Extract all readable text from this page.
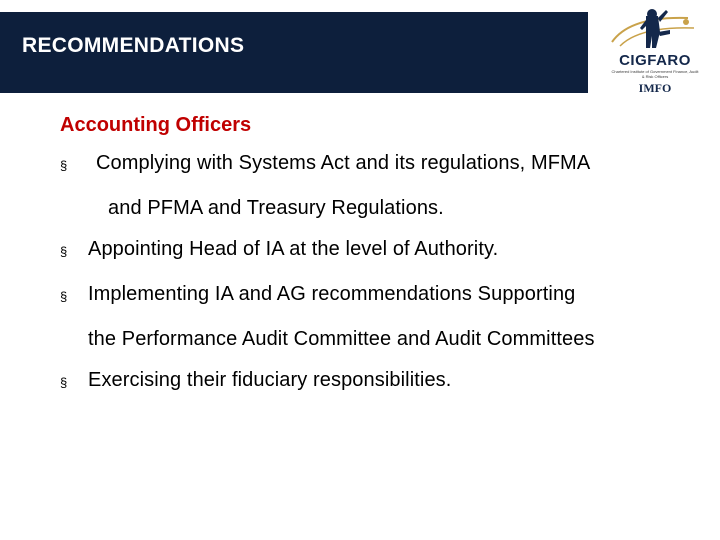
RECOMMENDATIONS
CIGFARO
Chartered Institute of Government Finance, Audit & Risk Officers
IMFO
Accounting Officers
§ Complying with Systems Act and its regulations, MFMA
and PFMA and Treasury Regulations.
§ Appointing Head of IA at the level of Authority.
§ Implementing IA and AG recommendations Supporting
the Performance Audit Committee and Audit Committees
§ Exercising their fiduciary responsibilities.
